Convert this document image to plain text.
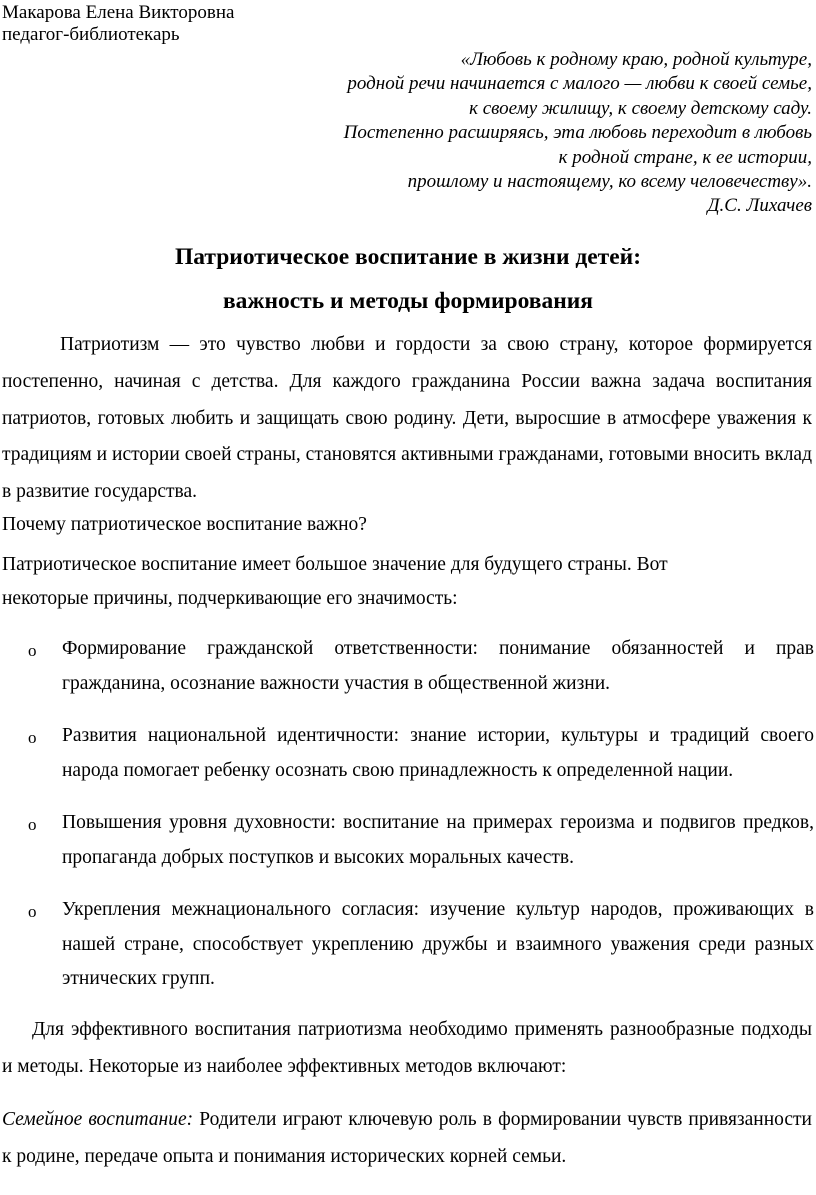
Макарова Елена Викторовна
педагог-библиотекарь
«Любовь к родному краю, родной культуре,
родной речи начинается с малого — любви к своей семье,
к своему жилищу, к своему детскому саду.
Постепенно расширяясь, эта любовь переходит в любовь
к родной стране, к ее истории,
прошлому и настоящему, ко всему человечеству».
Д.С. Лихачев
Патриотическое воспитание в жизни детей:
важность и методы формирования

Патриотизм — это чувство любви и гордости за свою страну, которое формируется постепенно, начиная с детства. Для каждого гражданина России важна задача воспитания патриотов, готовых любить и защищать свою родину. Дети, выросшие в атмосфере уважения к традициям и истории своей страны, становятся активными гражданами, готовыми вносить вклад в развитие государства.

Почему патриотическое воспитание важно?
Патриотическое воспитание имеет большое значение для будущего страны. Вот
некоторые причины, подчеркивающие его значимость:
o Формирование гражданской ответственности: понимание обязанностей и прав гражданина, осознание важности участия в общественной жизни.
o Развития национальной идентичности: знание истории, культуры и традиций своего народа помогает ребенку осознать свою принадлежность к определенной нации.
o Повышения уровня духовности: воспитание на примерах героизма и подвигов предков, пропаганда добрых поступков и высоких моральных качеств.
o Укрепления межнационального согласия: изучение культур народов, проживающих в нашей стране, способствует укреплению дружбы и взаимного уважения среди разных этнических групп.

Для эффективного воспитания патриотизма необходимо применять разнообразные подходы и методы. Некоторые из наиболее эффективных методов включают:

Семейное воспитание: Родители играют ключевую роль в формировании чувств привязанности к родине, передаче опыта и понимания исторических корней семьи.
